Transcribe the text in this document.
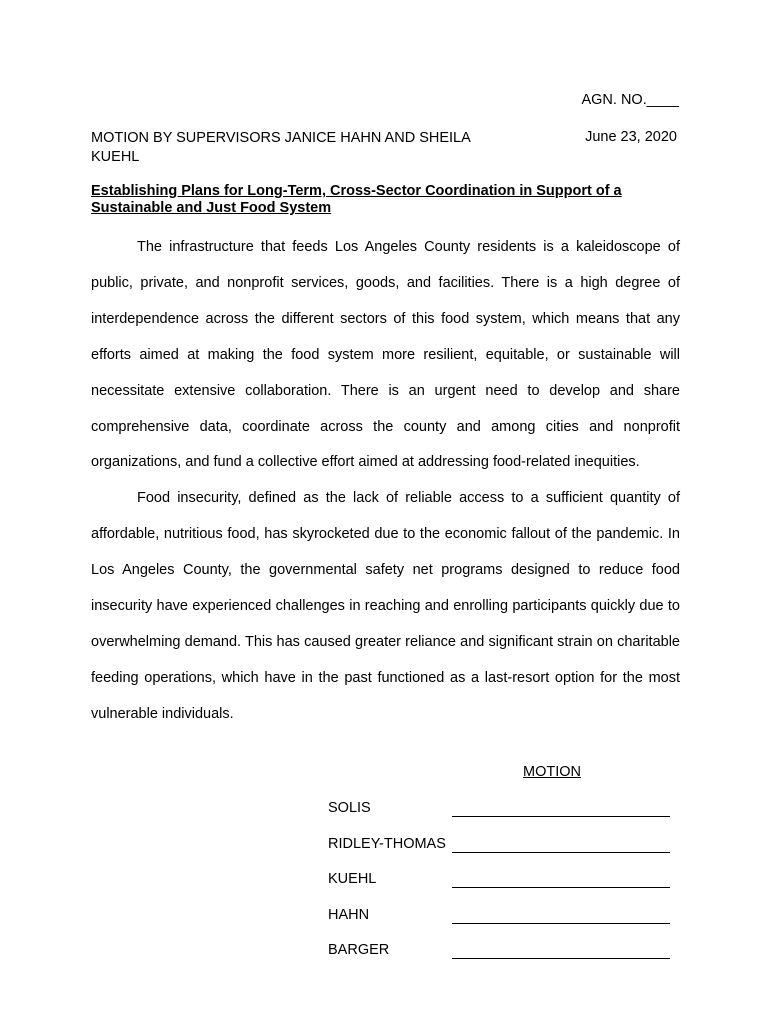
AGN. NO.____
MOTION BY SUPERVISORS JANICE HAHN AND SHEILA KUEHL
June 23, 2020
Establishing Plans for Long-Term, Cross-Sector Coordination in Support of a Sustainable and Just Food System

The infrastructure that feeds Los Angeles County residents is a kaleidoscope of public, private, and nonprofit services, goods, and facilities. There is a high degree of interdependence across the different sectors of this food system, which means that any efforts aimed at making the food system more resilient, equitable, or sustainable will necessitate extensive collaboration. There is an urgent need to develop and share comprehensive data, coordinate across the county and among cities and nonprofit organizations, and fund a collective effort aimed at addressing food-related inequities.

Food insecurity, defined as the lack of reliable access to a sufficient quantity of affordable, nutritious food, has skyrocketed due to the economic fallout of the pandemic. In Los Angeles County, the governmental safety net programs designed to reduce food insecurity have experienced challenges in reaching and enrolling participants quickly due to overwhelming demand. This has caused greater reliance and significant strain on charitable feeding operations, which have in the past functioned as a last-resort option for the most vulnerable individuals.

MOTION
SOLIS
RIDLEY-THOMAS
KUEHL
HAHN
BARGER
